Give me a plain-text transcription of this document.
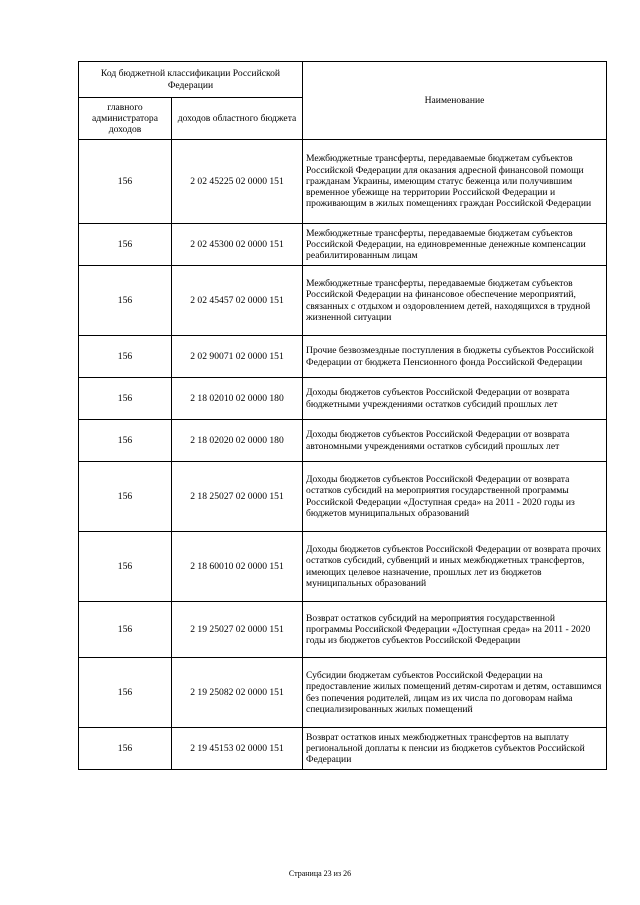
Код бюджетной классификации Российской Федерации		Наименование
главного администратора доходов	доходов областного бюджета	
156	2 02 45225 02 0000 151	Межбюджетные трансферты, передаваемые бюджетам субъектов Российской Федерации для оказания адресной финансовой помощи гражданам Украины, имеющим статус беженца или получившим временное убежище на территории Российской Федерации и проживающим в жилых помещениях граждан Российской Федерации
156	2 02 45300 02 0000 151	Межбюджетные трансферты, передаваемые бюджетам субъектов Российской Федерации, на единовременные денежные компенсации реабилитированным лицам
156	2 02 45457 02 0000 151	Межбюджетные трансферты, передаваемые бюджетам субъектов Российской Федерации на финансовое обеспечение мероприятий, связанных с отдыхом и оздоровлением детей, находящихся в трудной жизненной ситуации
156	2 02 90071 02 0000 151	Прочие безвозмездные поступления в бюджеты субъектов Российской Федерации от бюджета Пенсионного фонда Российской Федерации
156	2 18 02010 02 0000 180	Доходы бюджетов субъектов Российской Федерации от возврата бюджетными учреждениями остатков субсидий прошлых лет
156	2 18 02020 02 0000 180	Доходы бюджетов субъектов Российской Федерации от возврата автономными учреждениями остатков субсидий прошлых лет
156	2 18 25027 02 0000 151	Доходы бюджетов субъектов Российской Федерации от возврата остатков субсидий на мероприятия государственной программы Российской Федерации «Доступная среда» на 2011 - 2020 годы из бюджетов муниципальных образований
156	2 18 60010 02 0000 151	Доходы бюджетов субъектов Российской Федерации от возврата прочих остатков субсидий, субвенций и иных межбюджетных трансфертов, имеющих целевое назначение, прошлых лет из бюджетов муниципальных образований
156	2 19 25027 02 0000 151	Возврат остатков субсидий на мероприятия государственной программы Российской Федерации «Доступная среда» на 2011 - 2020 годы из бюджетов субъектов Российской Федерации
156	2 19 25082 02 0000 151	Субсидии бюджетам субъектов Российской Федерации на предоставление жилых помещений детям-сиротам и детям, оставшимся без попечения родителей, лицам из их числа по договорам найма специализированных жилых помещений
156	2 19 45153 02 0000 151	Возврат остатков иных межбюджетных трансфертов на выплату региональной доплаты к пенсии из бюджетов субъектов Российской Федерации
Страница 23 из 26
